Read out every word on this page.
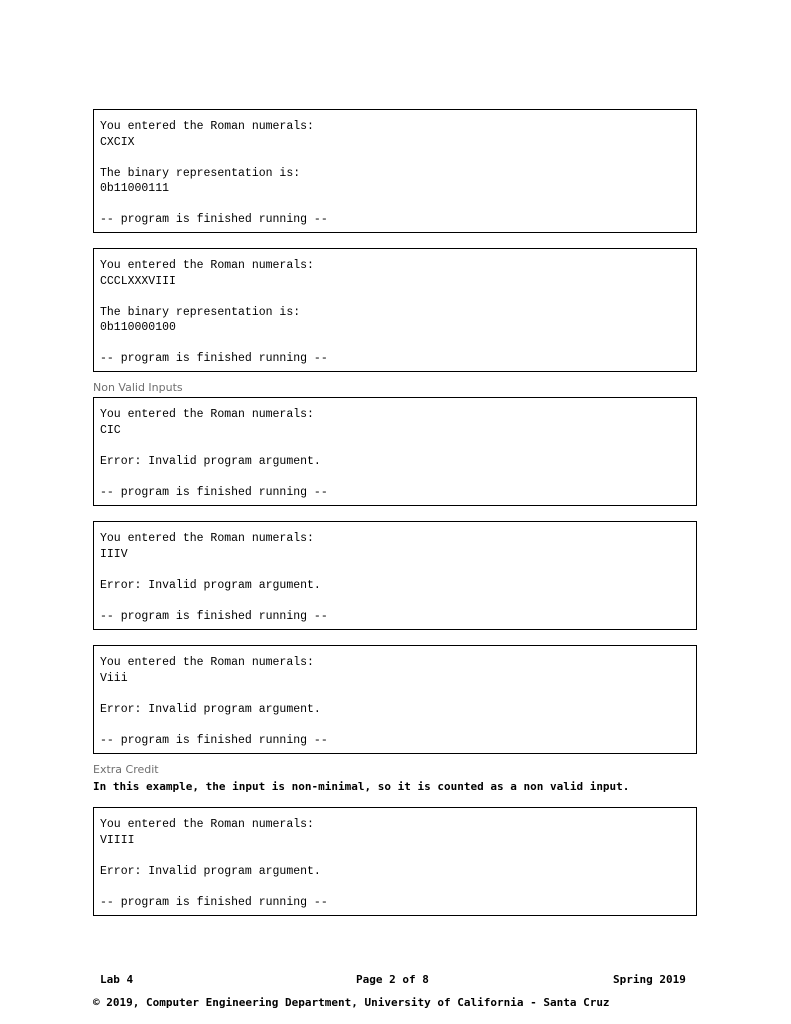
You entered the Roman numerals:
CXCIX
The binary representation is:
0b11000111
-- program is finished running --
You entered the Roman numerals:
CCCLXXXVIII
The binary representation is:
0b110000100
-- program is finished running --
Non Valid Inputs
You entered the Roman numerals:
CIC
Error: Invalid program argument.
-- program is finished running --
You entered the Roman numerals:
IIIV
Error: Invalid program argument.
-- program is finished running --
You entered the Roman numerals:
Viii
Error: Invalid program argument.
-- program is finished running --
Extra Credit
In this example, the input is non-minimal, so it is counted as a non valid input.
You entered the Roman numerals:
VIIII
Error: Invalid program argument.
-- program is finished running --
Lab 4	Page 2 of 8	Spring 2019
© 2019, Computer Engineering Department, University of California - Santa Cruz
